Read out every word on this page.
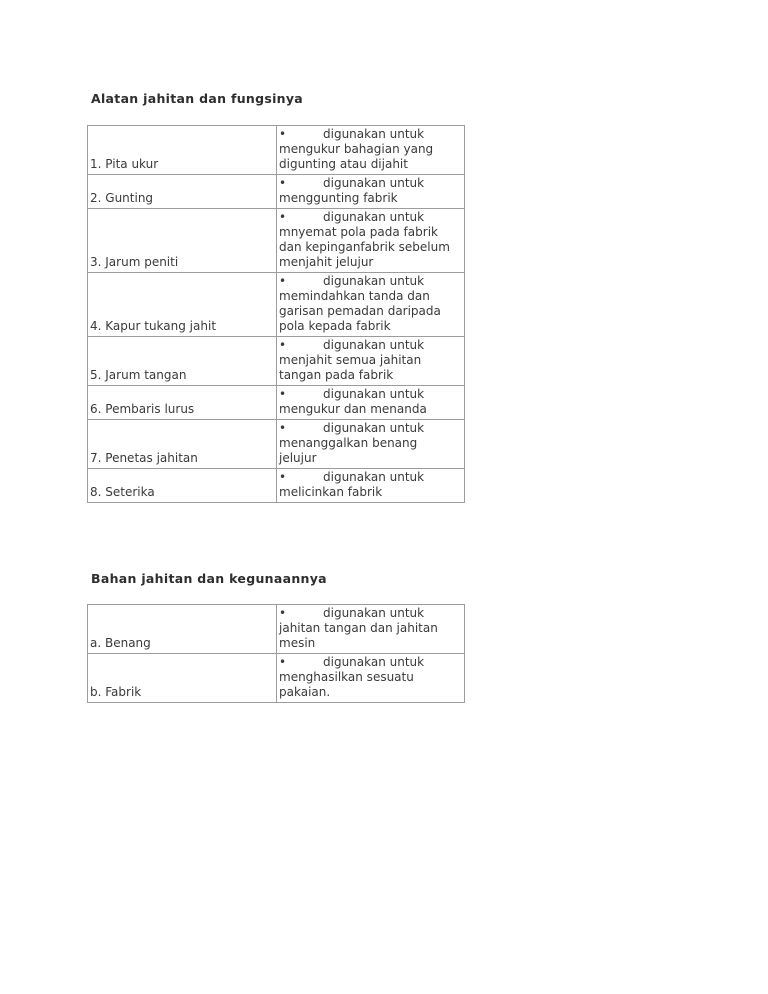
Alatan jahitan dan fungsinya
1. Pita ukur	• digunakan untuk
mengukur bahagian yang
digunting atau dijahit

2. Gunting	• digunakan untuk
menggunting fabrik

3. Jarum peniti	• digunakan untuk
mnyemat pola pada fabrik
dan kepinganfabrik sebelum
menjahit jelujur

4. Kapur tukang jahit	• digunakan untuk
memindahkan tanda dan
garisan pemadan daripada
pola kepada fabrik

5. Jarum tangan	• digunakan untuk
menjahit semua jahitan
tangan pada fabrik

6. Pembaris lurus	• digunakan untuk
mengukur dan menanda

7. Penetas jahitan	• digunakan untuk
menanggalkan benang
jelujur

8. Seterika	• digunakan untuk
melicinkan fabrik
Bahan jahitan dan kegunaannya
a. Benang	• digunakan untuk
jahitan tangan dan jahitan
mesin

b. Fabrik	• digunakan untuk
menghasilkan sesuatu
pakaian.
